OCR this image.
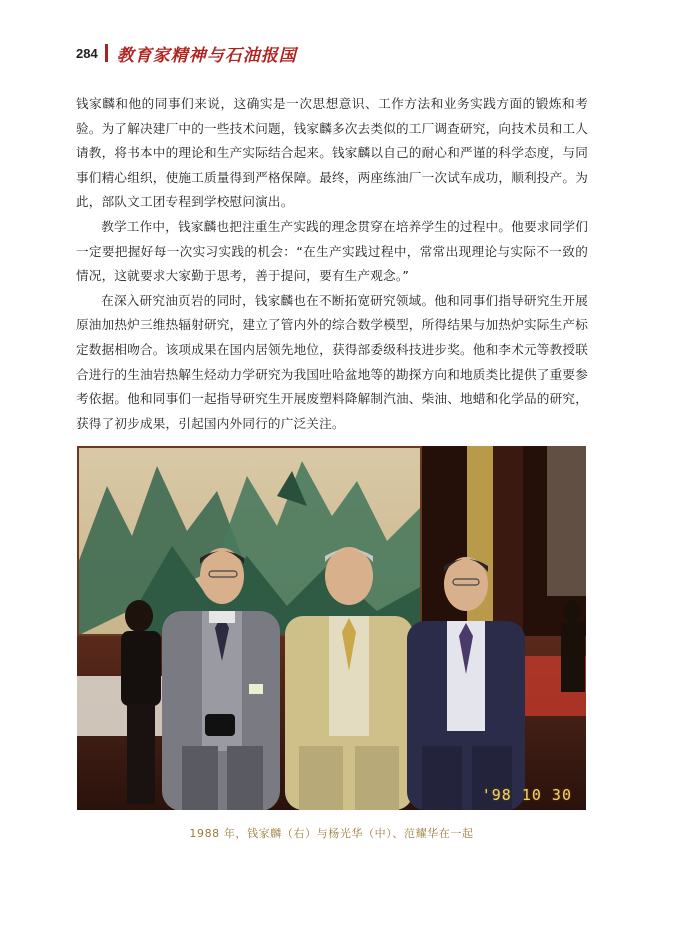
284 教育家精神与石油报国

钱家麟和他的同事们来说，这确实是一次思想意识、工作方法和业务实践方面的锻炼和考验。为了解决建厂中的一些技术问题，钱家麟多次去类似的工厂调查研究，向技术员和工人请教，将书本中的理论和生产实际结合起来。钱家麟以自己的耐心和严谨的科学态度，与同事们精心组织，使施工质量得到严格保障。最终，两座练油厂一次试车成功，顺利投产。为此，部队文工团专程到学校慰问演出。

教学工作中，钱家麟也把注重生产实践的理念贯穿在培养学生的过程中。他要求同学们一定要把握好每一次实习实践的机会：“在生产实践过程中，常常出现理论与实际不一致的情况，这就要求大家勤于思考，善于提问，要有生产观念。”

在深入研究油页岩的同时，钱家麟也在不断拓宽研究领域。他和同事们指导研究生开展原油加热炉三维热辐射研究，建立了管内外的综合数学模型，所得结果与加热炉实际生产标定数据相吻合。该项成果在国内居领先地位，获得部委级科技进步奖。他和李术元等教授联合进行的生油岩热解生烃动力学研究为我国吐哈盆地等的勘探方向和地质类比提供了重要参考依据。他和同事们一起指导研究生开展废塑料降解制汽油、柴油、地蜡和化学品的研究，获得了初步成果，引起国内外同行的广泛关注。

'98 10 30
1988 年，钱家麟（右）与杨光华（中）、范耀华在一起
